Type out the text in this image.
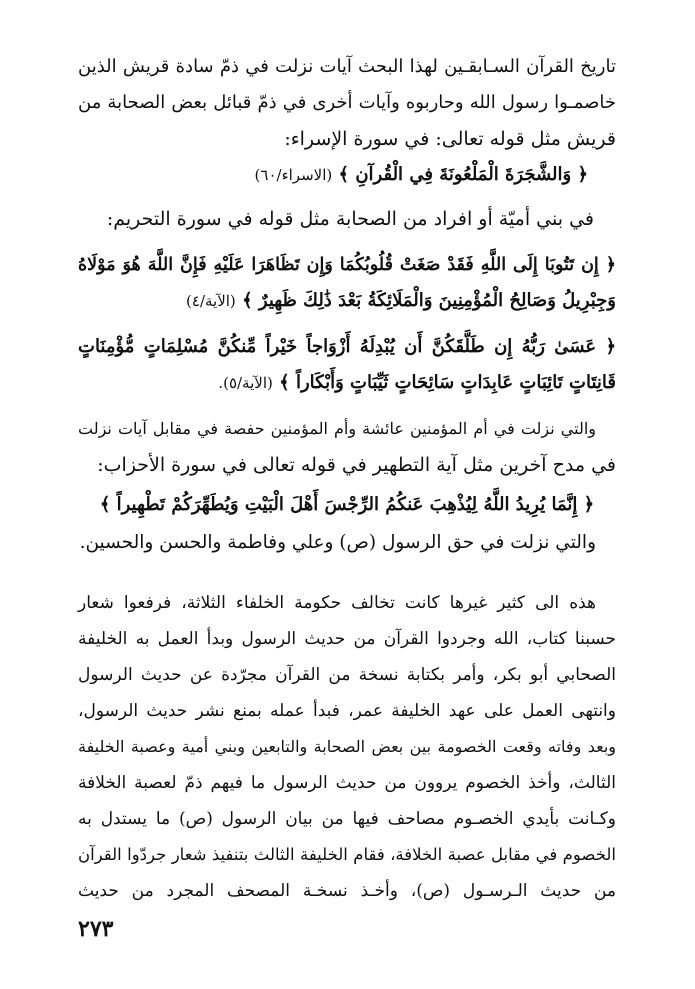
تاريخ القرآن السـابقـين لهذا البحث آيات نزلت في ذمّ سادة قريش الذين
خاصمـوا رسول الله وحاربوه وآيات أخرى في ذمّ قبائل بعض الصحابة من
قريش مثل قوله تعالى: في سورة الإسراء:
﴿ وَالشَّجَرَةَ الْمَلْعُونَةَ فِي الْقُرآنِ ﴾ (الاسراء/٦٠)
في بني أميّة أو افراد من الصحابة مثل قوله في سورة التحريم:
﴿ إِن تَتُوبَا إِلَى اللَّهِ فَقَدْ صَغَتْ قُلُوبُكُمَا وَإِن تَظَاهَرَا عَلَيْهِ فَإِنَّ اللَّهَ هُوَ مَوْلَاهُ
وَجِبْرِيلُ وَصَالِحُ الْمُؤْمِنِينَ وَالْمَلَائِكَةُ بَعْدَ ذَٰلِكَ ظَهِيرٌ ﴾ (الآية/٤)
﴿ عَسَىٰ رَبُّهُ إِن طَلَّقَكُنَّ أَن يُبْدِلَهُ أَزْوَاجاً خَيْراً مِّنكُنَّ مُسْلِمَاتٍ مُّؤْمِنَاتٍ
قَانِتَاتٍ تَائِبَاتٍ عَابِدَاتٍ سَائِحَاتٍ ثَيِّبَاتٍ وَأَبْكَاراً ﴾ (الآية/٥).
والتي نزلت في أم المؤمنين عائشة وأم المؤمنين حفصة في مقابل آيات نزلت
في مدح آخرين مثل آية التطهير في قوله تعالى في سورة الأحزاب:
﴿ إِنَّمَا يُرِيدُ اللَّهُ لِيُذْهِبَ عَنكُمُ الرِّجْسَ أَهْلَ الْبَيْتِ وَيُطَهِّرَكُمْ تَطْهِيراً ﴾
والتي نزلت في حق الرسول (ص) وعلي وفاطمة والحسن والحسين.
هذه الى كثير غيرها كانت تخالف حكومة الخلفاء الثلاثة، فرفعوا شعار
حسبنا كتاب، الله وجردوا القرآن من حديث الرسول وبدأ العمل به الخليفة
الصحابي أبو بكر، وأمر بكتابة نسخة من القرآن مجرّدة عن حديث الرسول
وانتهى العمل على عهد الخليفة عمر، فبدأ عمله بمنع نشر حديث الرسول،
وبعد وفاته وقعت الخصومة بين بعض الصحابة والتابعين وبني أمية وعصبة الخليفة
الثالث، وأخذ الخصوم يروون من حديث الرسول ما فيهم ذمّ لعصبة الخلافة
وكـانت بأيدي الخصـوم مصاحف فيها من بيان الرسول (ص) ما يستدل به
الخصوم في مقابل عصبة الخلافة، فقام الخليفة الثالث بتنفيذ شعار جردّوا القرآن
من حديث الـرسـول (ص)، وأخـذ نسخـة المصحف المجرد من حديث
٢٧٣
